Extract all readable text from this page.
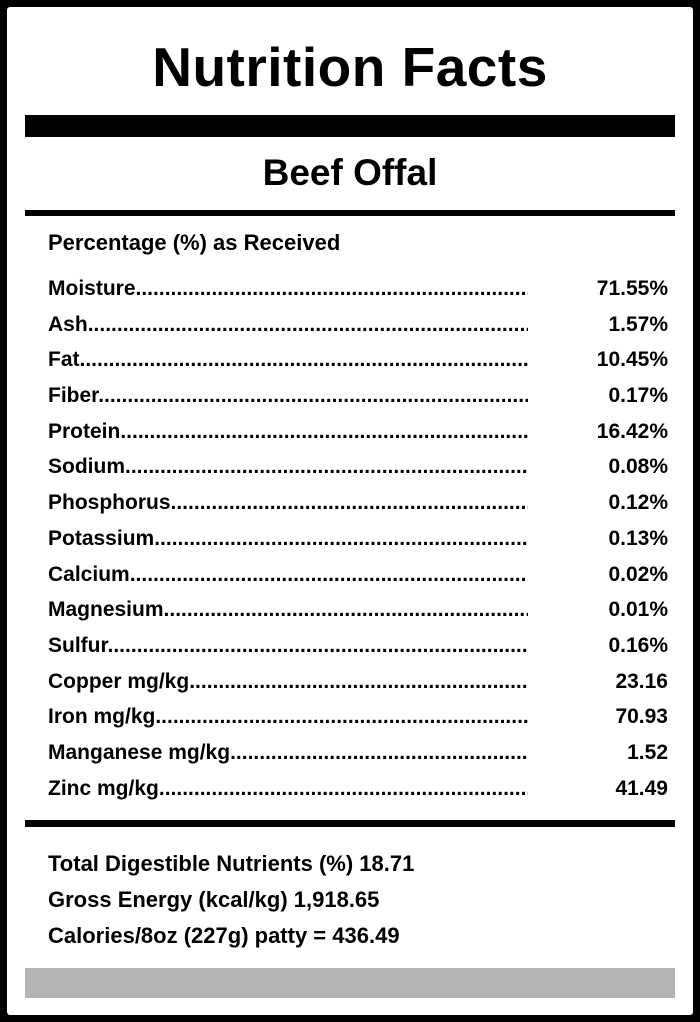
Nutrition Facts
Beef Offal
Percentage (%) as Received
Moisture .....	71.55%
Ash .....	1.57%
Fat .....	10.45%
Fiber .....	0.17%
Protein .....	16.42%
Sodium .....	0.08%
Phosphorus .....	0.12%
Potassium .....	0.13%
Calcium .....	0.02%
Magnesium .....	0.01%
Sulfur .....	0.16%
Copper mg/kg .....	23.16
Iron mg/kg .....	70.93
Manganese mg/kg .....	1.52
Zinc mg/kg .....	41.49
Total Digestible Nutrients (%) 18.71
Gross Energy (kcal/kg) 1,918.65
Calories/8oz (227g) patty = 436.49
